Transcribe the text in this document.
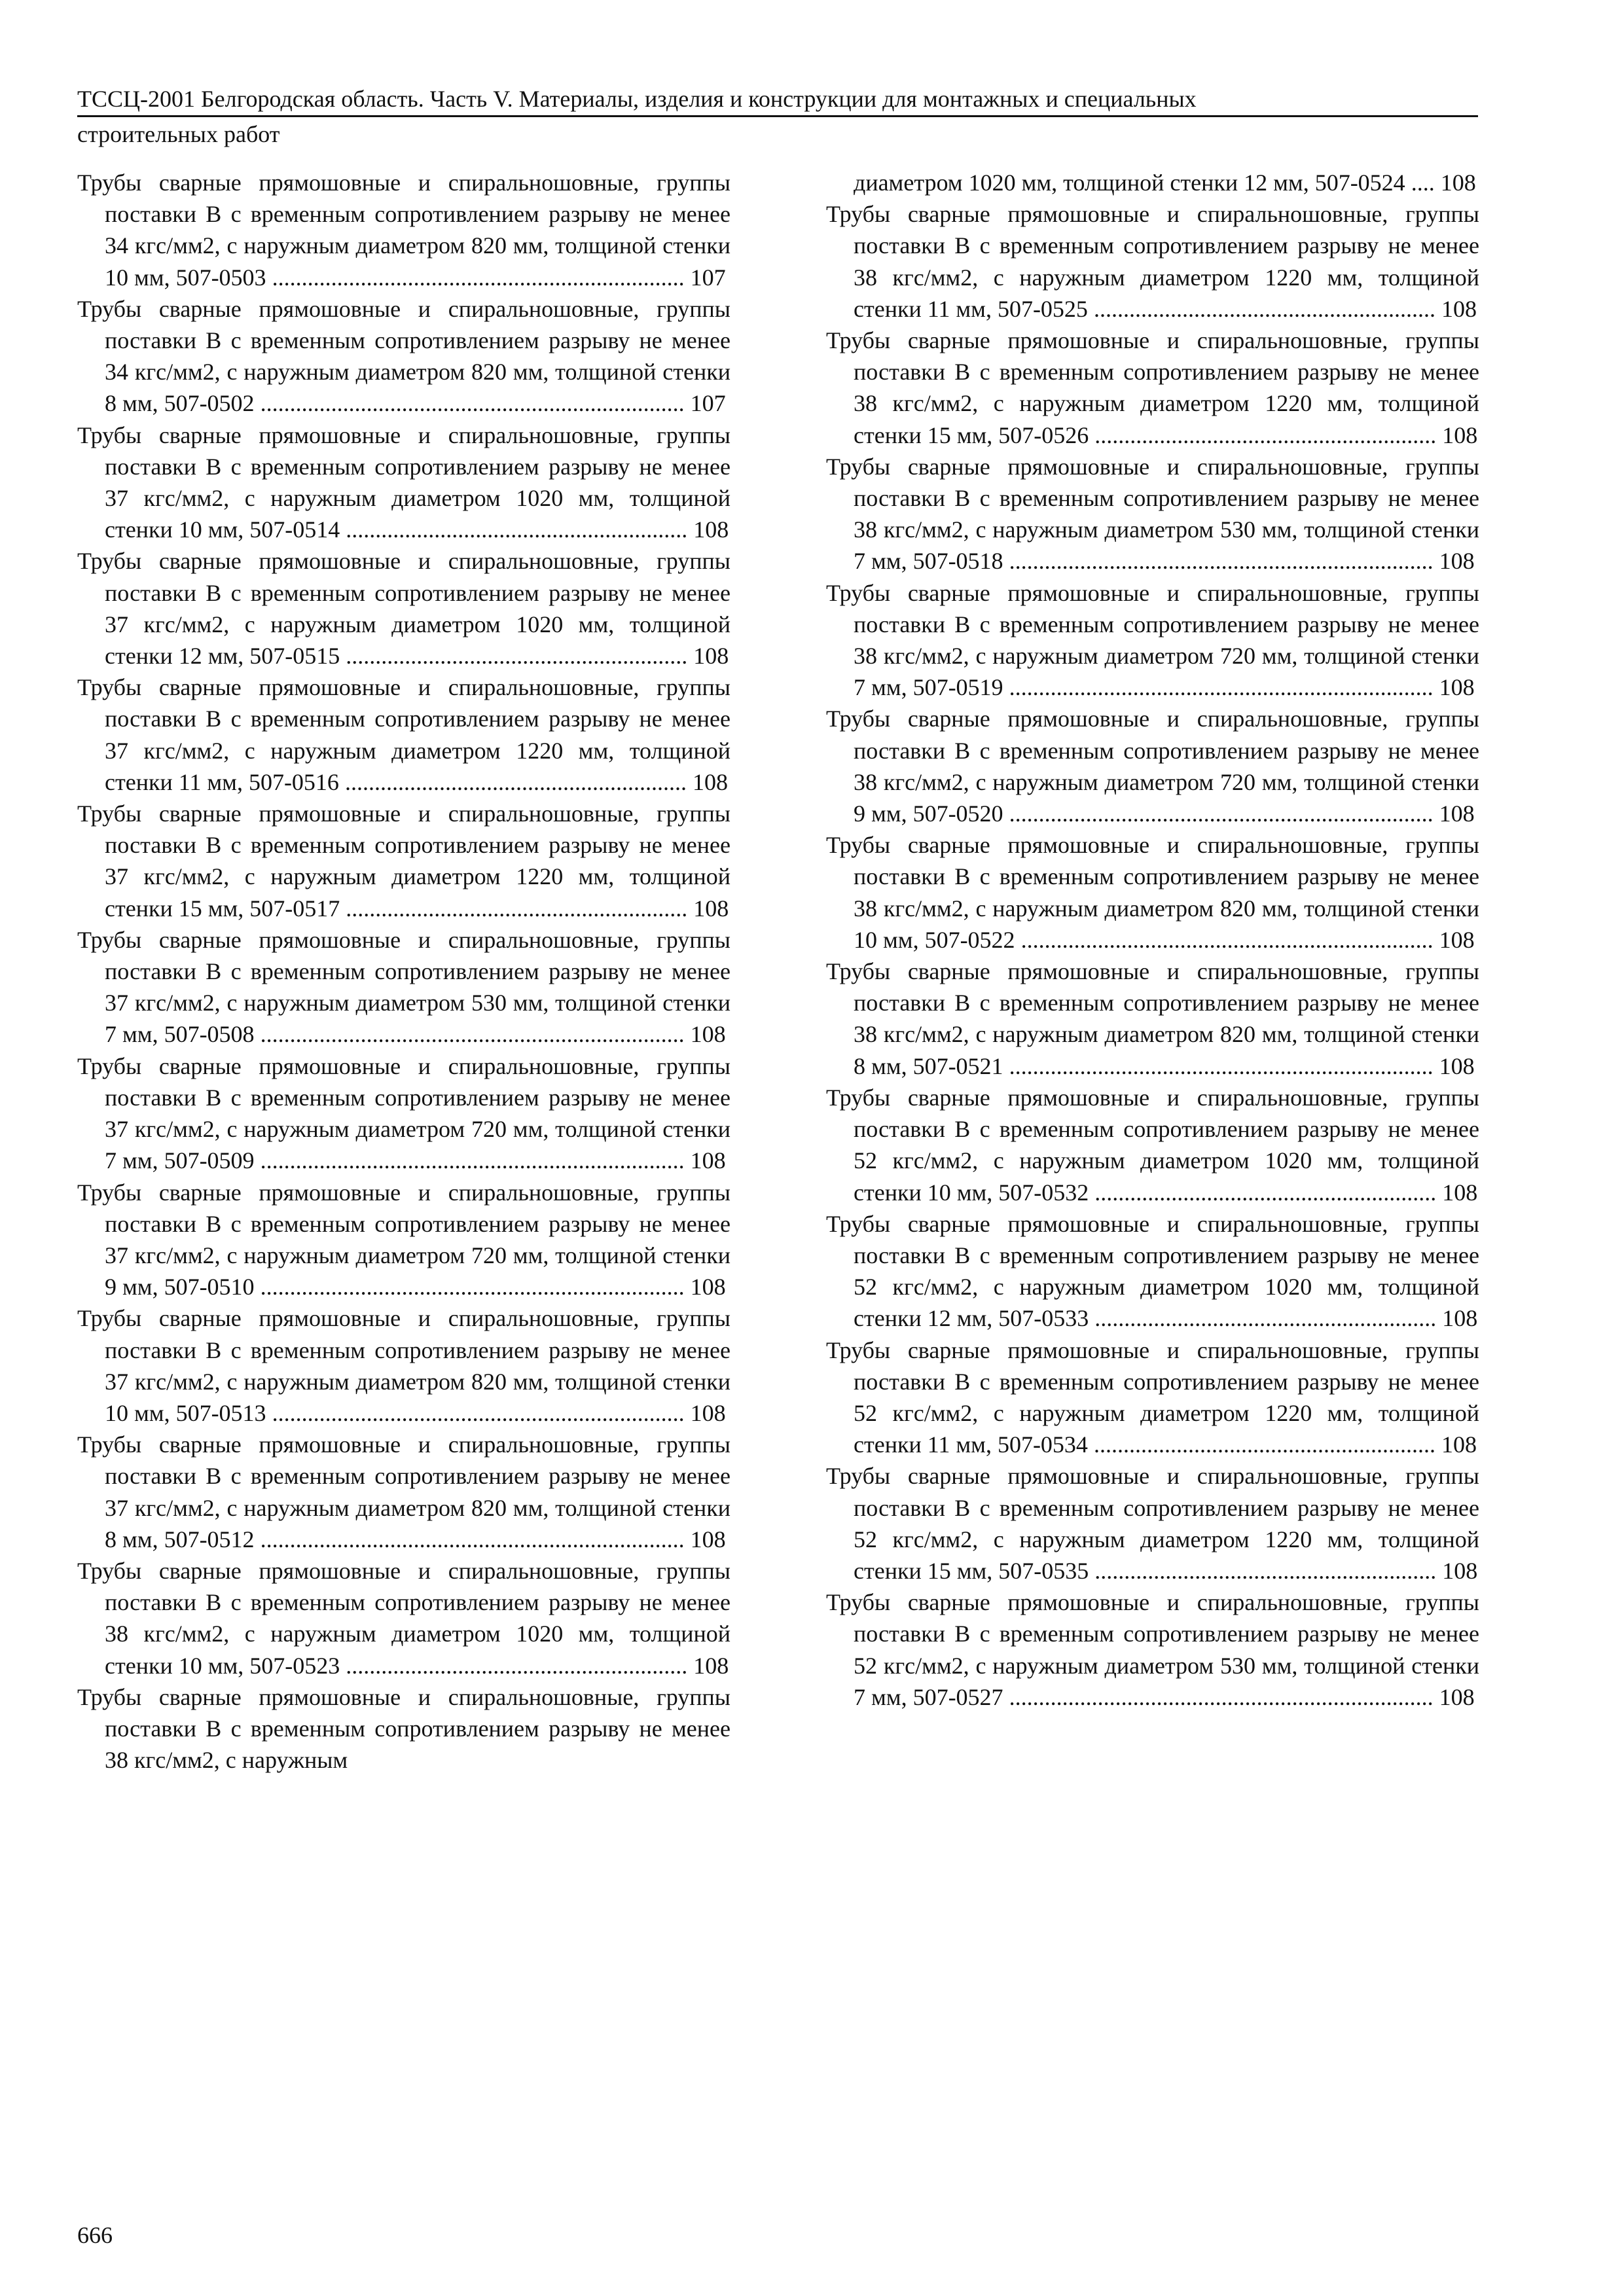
ТССЦ-2001 Белгородская область. Часть V. Материалы, изделия и конструкции для монтажных и специальных
строительных работ
Трубы сварные прямошовные и спиральношовные, группы поставки В с временным сопротивлением разрыву не менее 34 кгс/мм2, с наружным диаметром 820 мм, толщиной стенки 10 мм, 507-0503 ...................................................................... 107
Трубы сварные прямошовные и спиральношовные, группы поставки В с временным сопротивлением разрыву не менее 34 кгс/мм2, с наружным диаметром 820 мм, толщиной стенки 8 мм, 507-0502 ........................................................................ 107
Трубы сварные прямошовные и спиральношовные, группы поставки В с временным сопротивлением разрыву не менее 37 кгс/мм2, с наружным диаметром 1020 мм, толщиной стенки 10 мм, 507-0514 .......................................................... 108
Трубы сварные прямошовные и спиральношовные, группы поставки В с временным сопротивлением разрыву не менее 37 кгс/мм2, с наружным диаметром 1020 мм, толщиной стенки 12 мм, 507-0515 .......................................................... 108
Трубы сварные прямошовные и спиральношовные, группы поставки В с временным сопротивлением разрыву не менее 37 кгс/мм2, с наружным диаметром 1220 мм, толщиной стенки 11 мм, 507-0516 .......................................................... 108
Трубы сварные прямошовные и спиральношовные, группы поставки В с временным сопротивлением разрыву не менее 37 кгс/мм2, с наружным диаметром 1220 мм, толщиной стенки 15 мм, 507-0517 .......................................................... 108
Трубы сварные прямошовные и спиральношовные, группы поставки В с временным сопротивлением разрыву не менее 37 кгс/мм2, с наружным диаметром 530 мм, толщиной стенки 7 мм, 507-0508 ........................................................................ 108
Трубы сварные прямошовные и спиральношовные, группы поставки В с временным сопротивлением разрыву не менее 37 кгс/мм2, с наружным диаметром 720 мм, толщиной стенки 7 мм, 507-0509 ........................................................................ 108
Трубы сварные прямошовные и спиральношовные, группы поставки В с временным сопротивлением разрыву не менее 37 кгс/мм2, с наружным диаметром 720 мм, толщиной стенки 9 мм, 507-0510 ........................................................................ 108
Трубы сварные прямошовные и спиральношовные, группы поставки В с временным сопротивлением разрыву не менее 37 кгс/мм2, с наружным диаметром 820 мм, толщиной стенки 10 мм, 507-0513 ...................................................................... 108
Трубы сварные прямошовные и спиральношовные, группы поставки В с временным сопротивлением разрыву не менее 37 кгс/мм2, с наружным диаметром 820 мм, толщиной стенки 8 мм, 507-0512 ........................................................................ 108
Трубы сварные прямошовные и спиральношовные, группы поставки В с временным сопротивлением разрыву не менее 38 кгс/мм2, с наружным диаметром 1020 мм, толщиной стенки 10 мм, 507-0523 .......................................................... 108
Трубы сварные прямошовные и спиральношовные, группы поставки В с временным сопротивлением разрыву не менее 38 кгс/мм2, с наружным
диаметром 1020 мм, толщиной стенки 12 мм, 507-0524 .... 108
Трубы сварные прямошовные и спиральношовные, группы поставки В с временным сопротивлением разрыву не менее 38 кгс/мм2, с наружным диаметром 1220 мм, толщиной стенки 11 мм, 507-0525 .......................................................... 108
Трубы сварные прямошовные и спиральношовные, группы поставки В с временным сопротивлением разрыву не менее 38 кгс/мм2, с наружным диаметром 1220 мм, толщиной стенки 15 мм, 507-0526 .......................................................... 108
Трубы сварные прямошовные и спиральношовные, группы поставки В с временным сопротивлением разрыву не менее 38 кгс/мм2, с наружным диаметром 530 мм, толщиной стенки 7 мм, 507-0518 ........................................................................ 108
Трубы сварные прямошовные и спиральношовные, группы поставки В с временным сопротивлением разрыву не менее 38 кгс/мм2, с наружным диаметром 720 мм, толщиной стенки 7 мм, 507-0519 ........................................................................ 108
Трубы сварные прямошовные и спиральношовные, группы поставки В с временным сопротивлением разрыву не менее 38 кгс/мм2, с наружным диаметром 720 мм, толщиной стенки 9 мм, 507-0520 ........................................................................ 108
Трубы сварные прямошовные и спиральношовные, группы поставки В с временным сопротивлением разрыву не менее 38 кгс/мм2, с наружным диаметром 820 мм, толщиной стенки 10 мм, 507-0522 ...................................................................... 108
Трубы сварные прямошовные и спиральношовные, группы поставки В с временным сопротивлением разрыву не менее 38 кгс/мм2, с наружным диаметром 820 мм, толщиной стенки 8 мм, 507-0521 ........................................................................ 108
Трубы сварные прямошовные и спиральношовные, группы поставки В с временным сопротивлением разрыву не менее 52 кгс/мм2, с наружным диаметром 1020 мм, толщиной стенки 10 мм, 507-0532 .......................................................... 108
Трубы сварные прямошовные и спиральношовные, группы поставки В с временным сопротивлением разрыву не менее 52 кгс/мм2, с наружным диаметром 1020 мм, толщиной стенки 12 мм, 507-0533 .......................................................... 108
Трубы сварные прямошовные и спиральношовные, группы поставки В с временным сопротивлением разрыву не менее 52 кгс/мм2, с наружным диаметром 1220 мм, толщиной стенки 11 мм, 507-0534 .......................................................... 108
Трубы сварные прямошовные и спиральношовные, группы поставки В с временным сопротивлением разрыву не менее 52 кгс/мм2, с наружным диаметром 1220 мм, толщиной стенки 15 мм, 507-0535 .......................................................... 108
Трубы сварные прямошовные и спиральношовные, группы поставки В с временным сопротивлением разрыву не менее 52 кгс/мм2, с наружным диаметром 530 мм, толщиной стенки 7 мм, 507-0527 ........................................................................ 108
666
